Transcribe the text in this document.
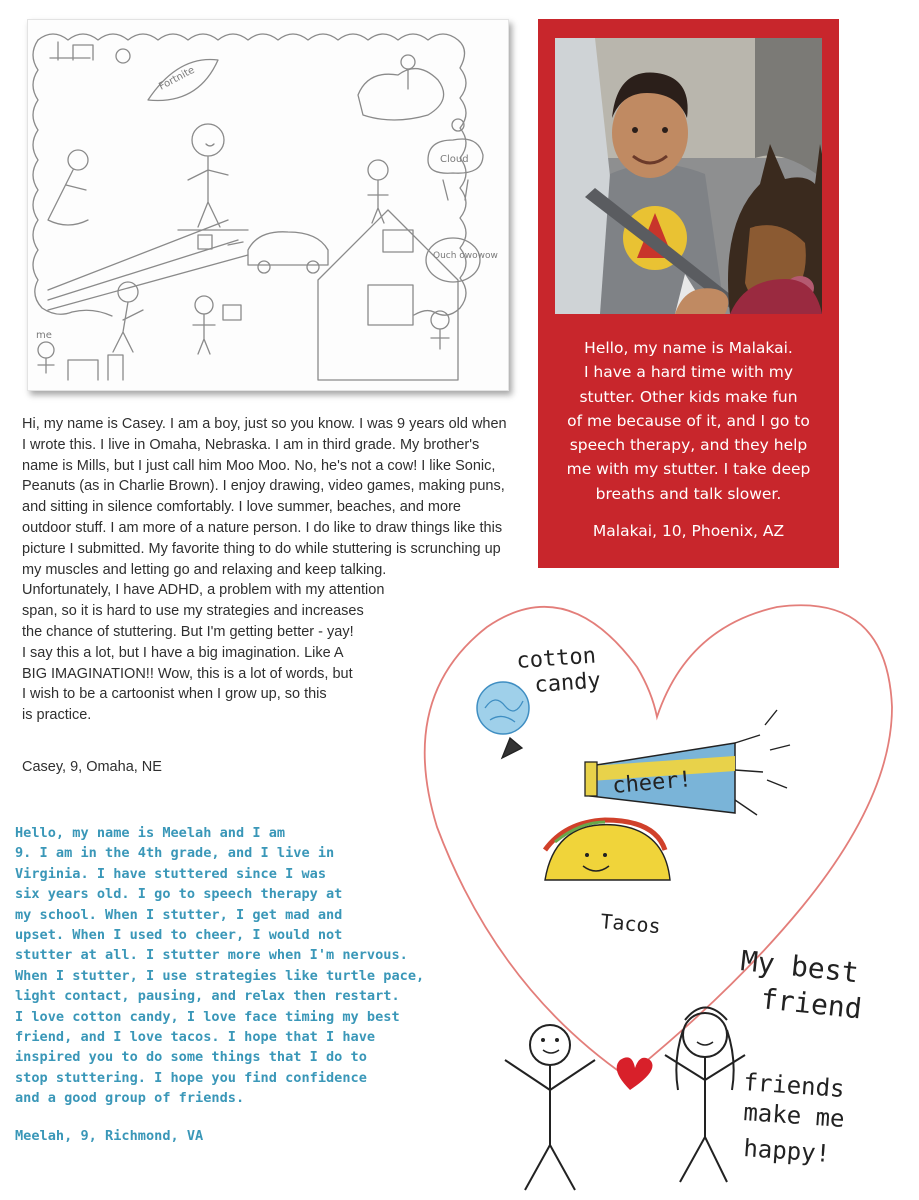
Fortnite
Cloud
Ouch owowow
me

Hi, my name is Casey. I am a boy, just so you know. I was 9 years old when I wrote this. I live in Omaha, Nebraska. I am in third grade. My brother's name is Mills, but I just call him Moo Moo. No, he's not a cow! I like Sonic, Peanuts (as in Charlie Brown). I enjoy drawing, video games, making puns, and sitting in silence comfortably. I love summer, beaches, and more outdoor stuff. I am more of a nature person. I do like to draw things like this picture I submitted. My favorite thing to do while stuttering is scrunching up my muscles and letting go and relaxing and keep talking.

Unfortunately, I have ADHD, a problem with my attention

span, so it is hard to use my strategies and increases

the chance of stuttering. But I'm getting better - yay!

I say this a lot, but I have a big imagination. Like A

BIG IMAGINATION!! Wow, this is a lot of words, but

I wish to be a cartoonist when I grow up, so this

is practice.

Casey, 9, Omaha, NE
Hello, my name is Malakai.
I have a hard time with my
stutter. Other kids make fun
of me because of it, and I go to
speech therapy, and they help
me with my stutter. I take deep
breaths and talk slower.
Malakai, 10, Phoenix, AZ
cotton
candy
cheer!
Tacos
My best
friend
friends
make me
happy!
Hello, my name is Meelah and I am
9. I am in the 4th grade, and I live in
Virginia. I have stuttered since I was
six years old. I go to speech therapy at
my school. When I stutter, I get mad and
upset. When I used to cheer, I would not
stutter at all. I stutter more when I'm nervous.
When I stutter, I use strategies like turtle pace,
light contact, pausing, and relax then restart.
I love cotton candy, I love face timing my best
friend, and I love tacos. I hope that I have
inspired you to do some things that I do to
stop stuttering. I hope you find confidence
and a good group of friends.
Meelah, 9, Richmond, VA
